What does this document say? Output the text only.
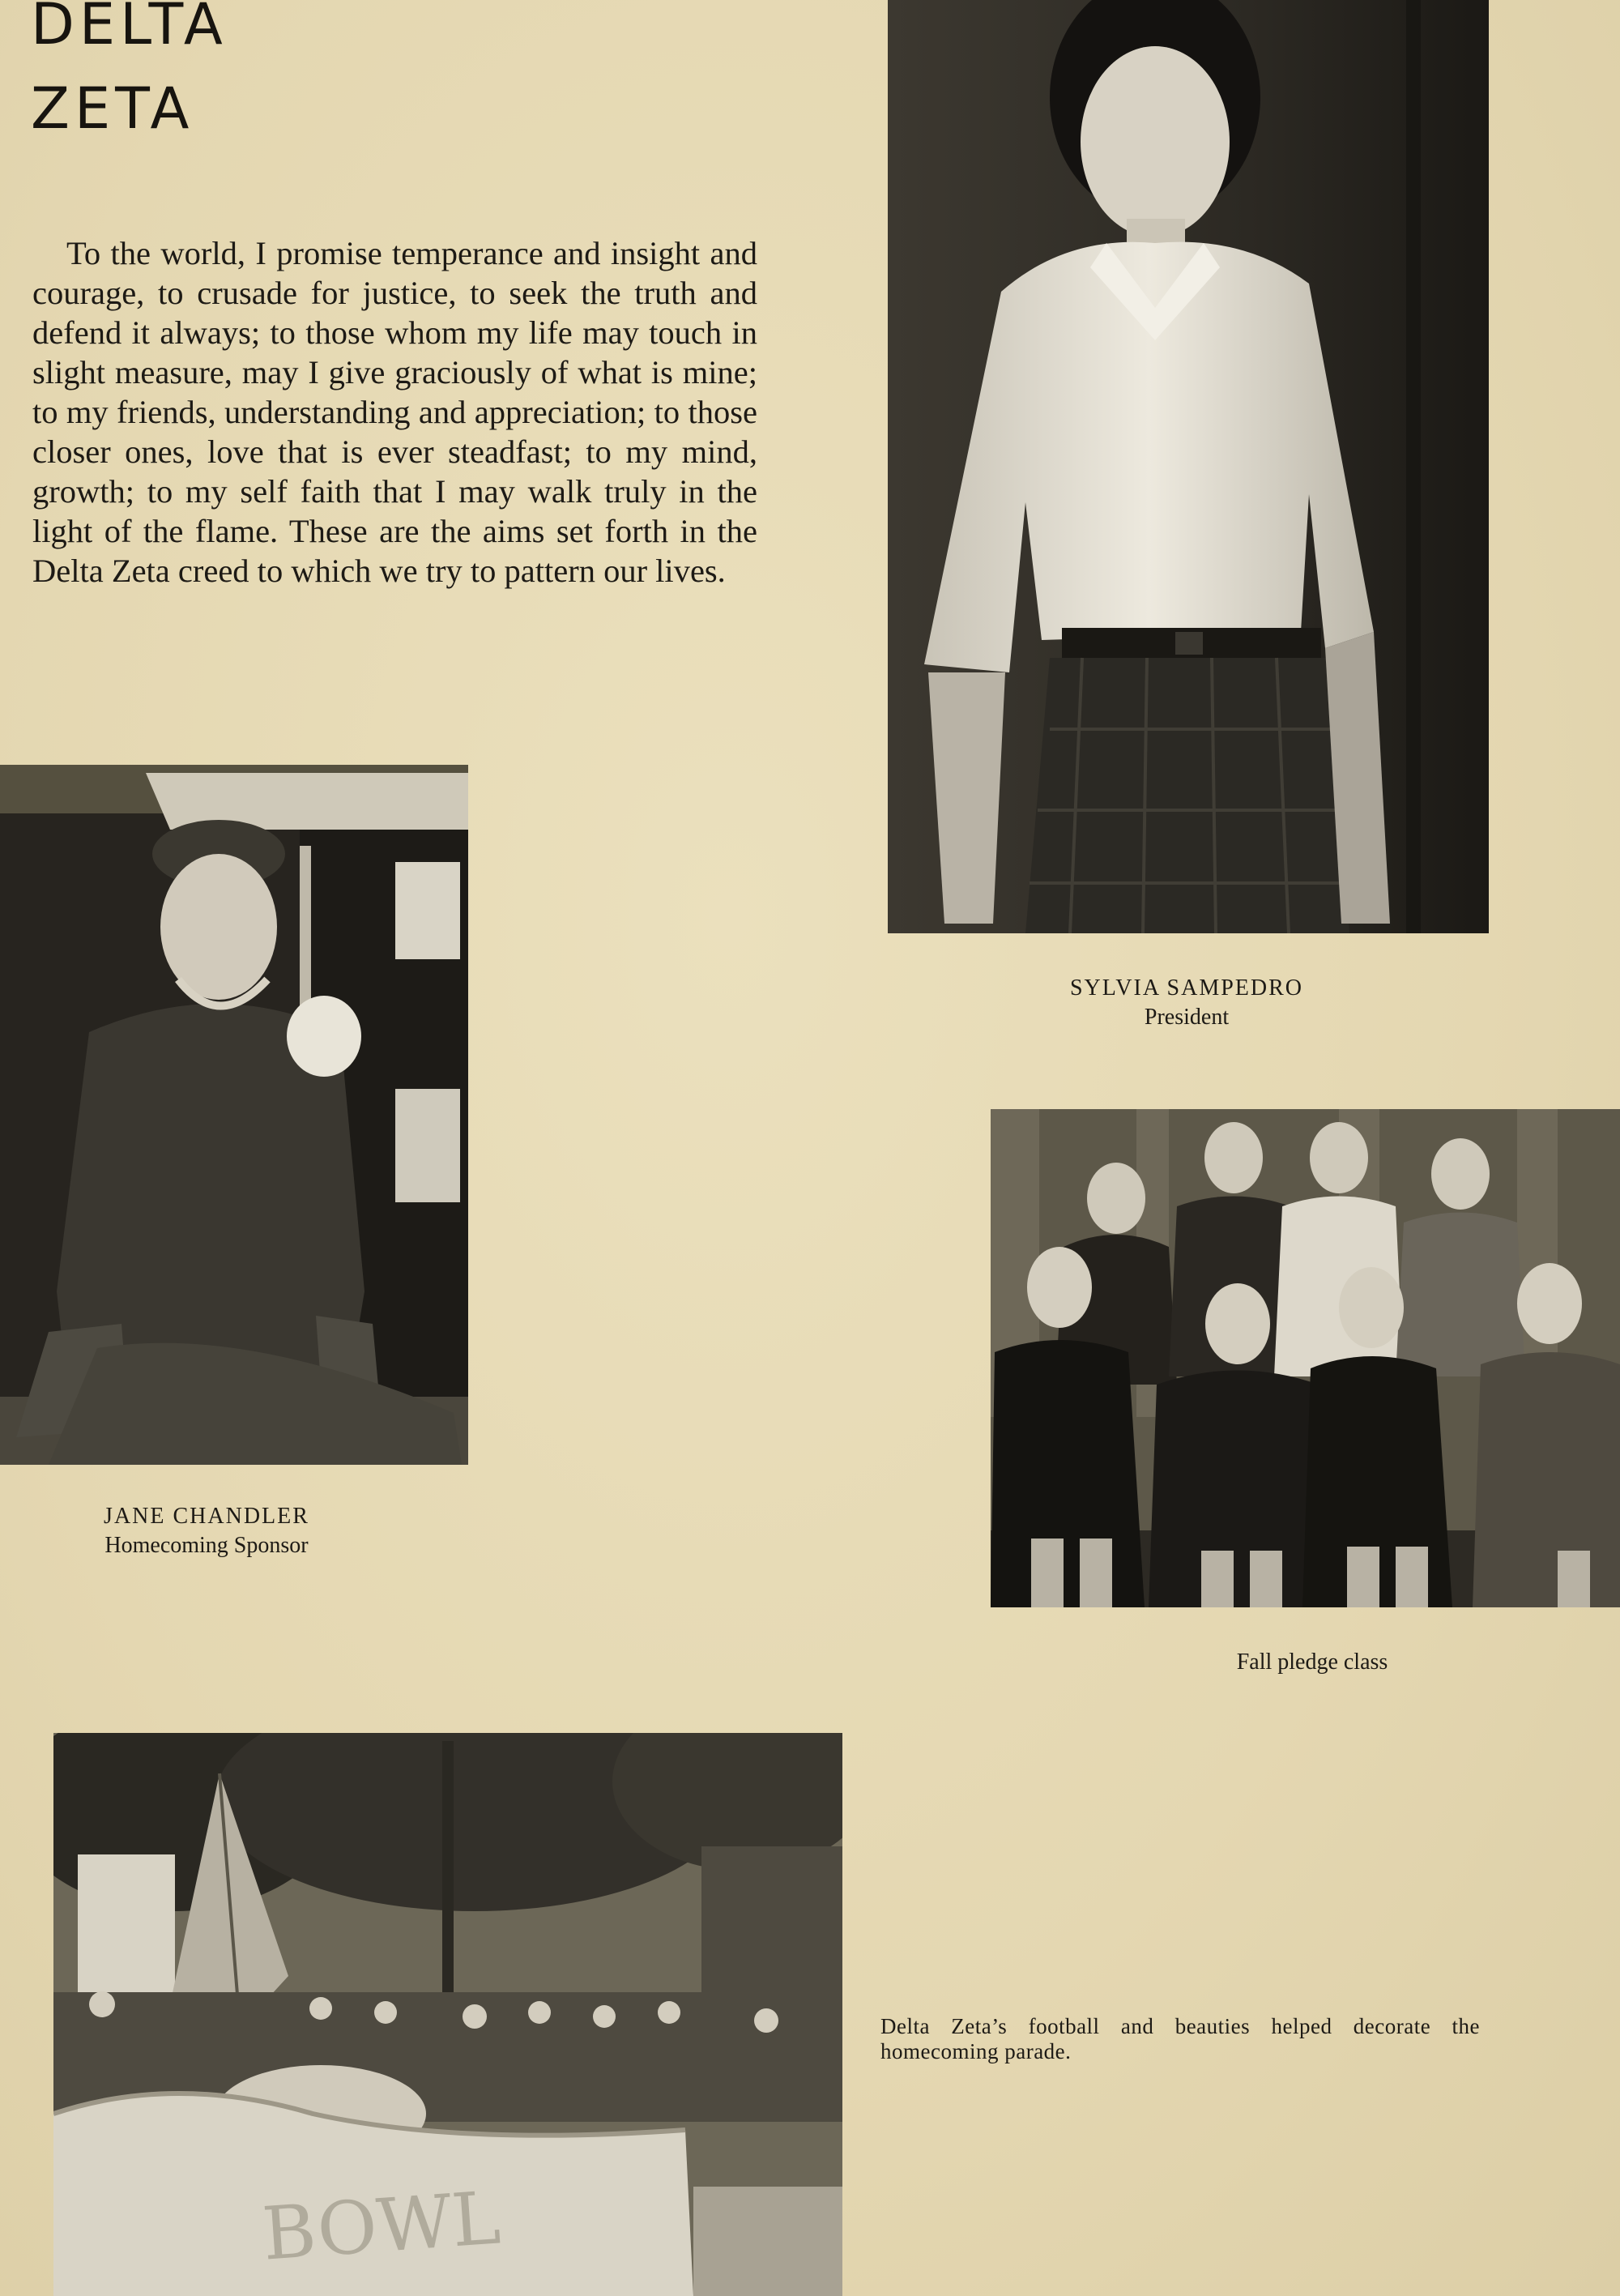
DELTA
ZETA

To the world, I promise temperance and insight and courage, to crusade for justice, to seek the truth and defend it always; to those whom my life may touch in slight measure, may I give graciously of what is mine; to my friends, understanding and appreciation; to those closer ones, love that is ever steadfast; to my mind, growth; to my self faith that I may walk truly in the light of the flame. These are the aims set forth in the Delta Zeta creed to which we try to pattern our lives.

SYLVIA SAMPEDRO
President
JANE CHANDLER
Homecoming Sponsor
Fall pledge class
BOWL
Delta Zeta’s football and beauties helped decorate the homecoming parade.
